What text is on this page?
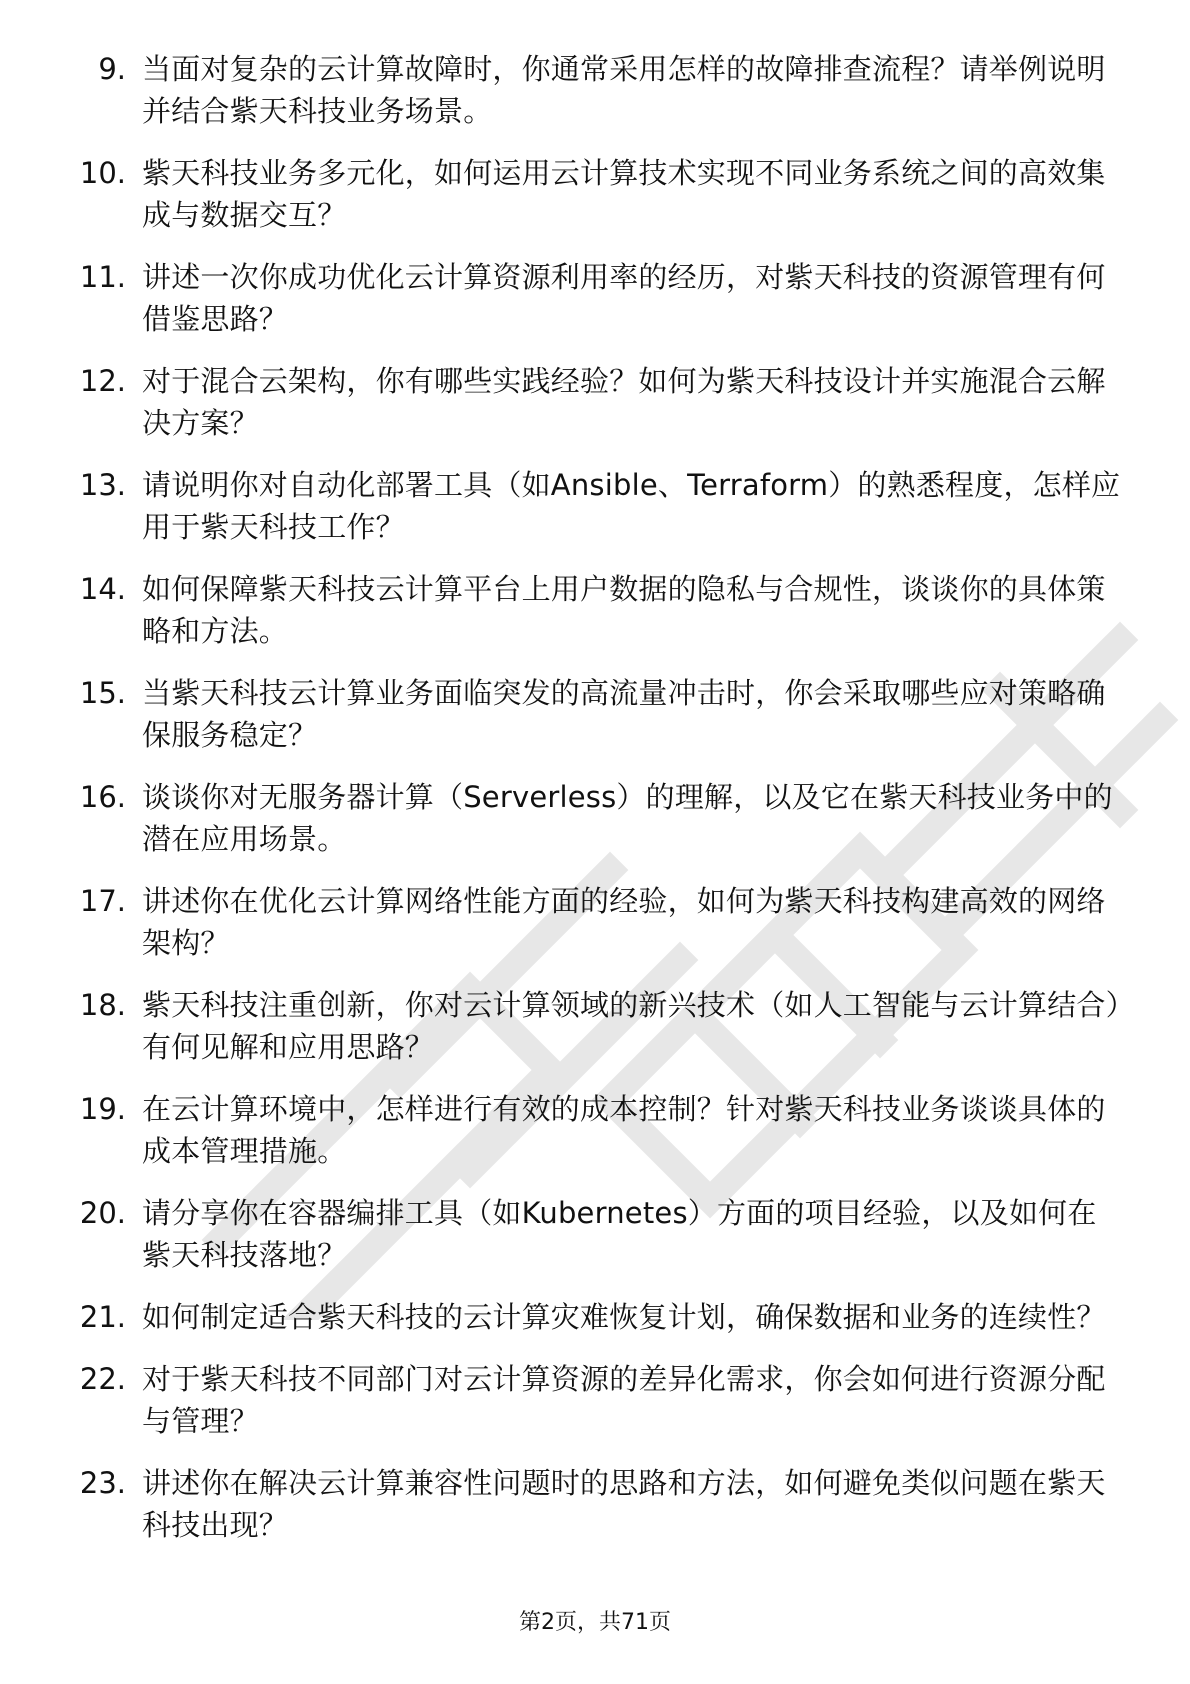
9. 当面对复杂的云计算故障时，你通常采用怎样的故障排查流程？请举例说明并结合紫天科技业务场景。
10. 紫天科技业务多元化，如何运用云计算技术实现不同业务系统之间的高效集成与数据交互？
11. 讲述一次你成功优化云计算资源利用率的经历，对紫天科技的资源管理有何借鉴思路？
12. 对于混合云架构，你有哪些实践经验？如何为紫天科技设计并实施混合云解决方案？
13. 请说明你对自动化部署工具（如Ansible、Terraform）的熟悉程度，怎样应用于紫天科技工作？
14. 如何保障紫天科技云计算平台上用户数据的隐私与合规性，谈谈你的具体策略和方法。
15. 当紫天科技云计算业务面临突发的高流量冲击时，你会采取哪些应对策略确保服务稳定？
16. 谈谈你对无服务器计算（Serverless）的理解，以及它在紫天科技业务中的潜在应用场景。
17. 讲述你在优化云计算网络性能方面的经验，如何为紫天科技构建高效的网络架构？
18. 紫天科技注重创新，你对云计算领域的新兴技术（如人工智能与云计算结合）有何见解和应用思路？
19. 在云计算环境中，怎样进行有效的成本控制？针对紫天科技业务谈谈具体的成本管理措施。
20. 请分享你在容器编排工具（如Kubernetes）方面的项目经验，以及如何在紫天科技落地？
21. 如何制定适合紫天科技的云计算灾难恢复计划，确保数据和业务的连续性？
22. 对于紫天科技不同部门对云计算资源的差异化需求，你会如何进行资源分配与管理？
23. 讲述你在解决云计算兼容性问题时的思路和方法，如何避免类似问题在紫天科技出现？
第2页，共71页
